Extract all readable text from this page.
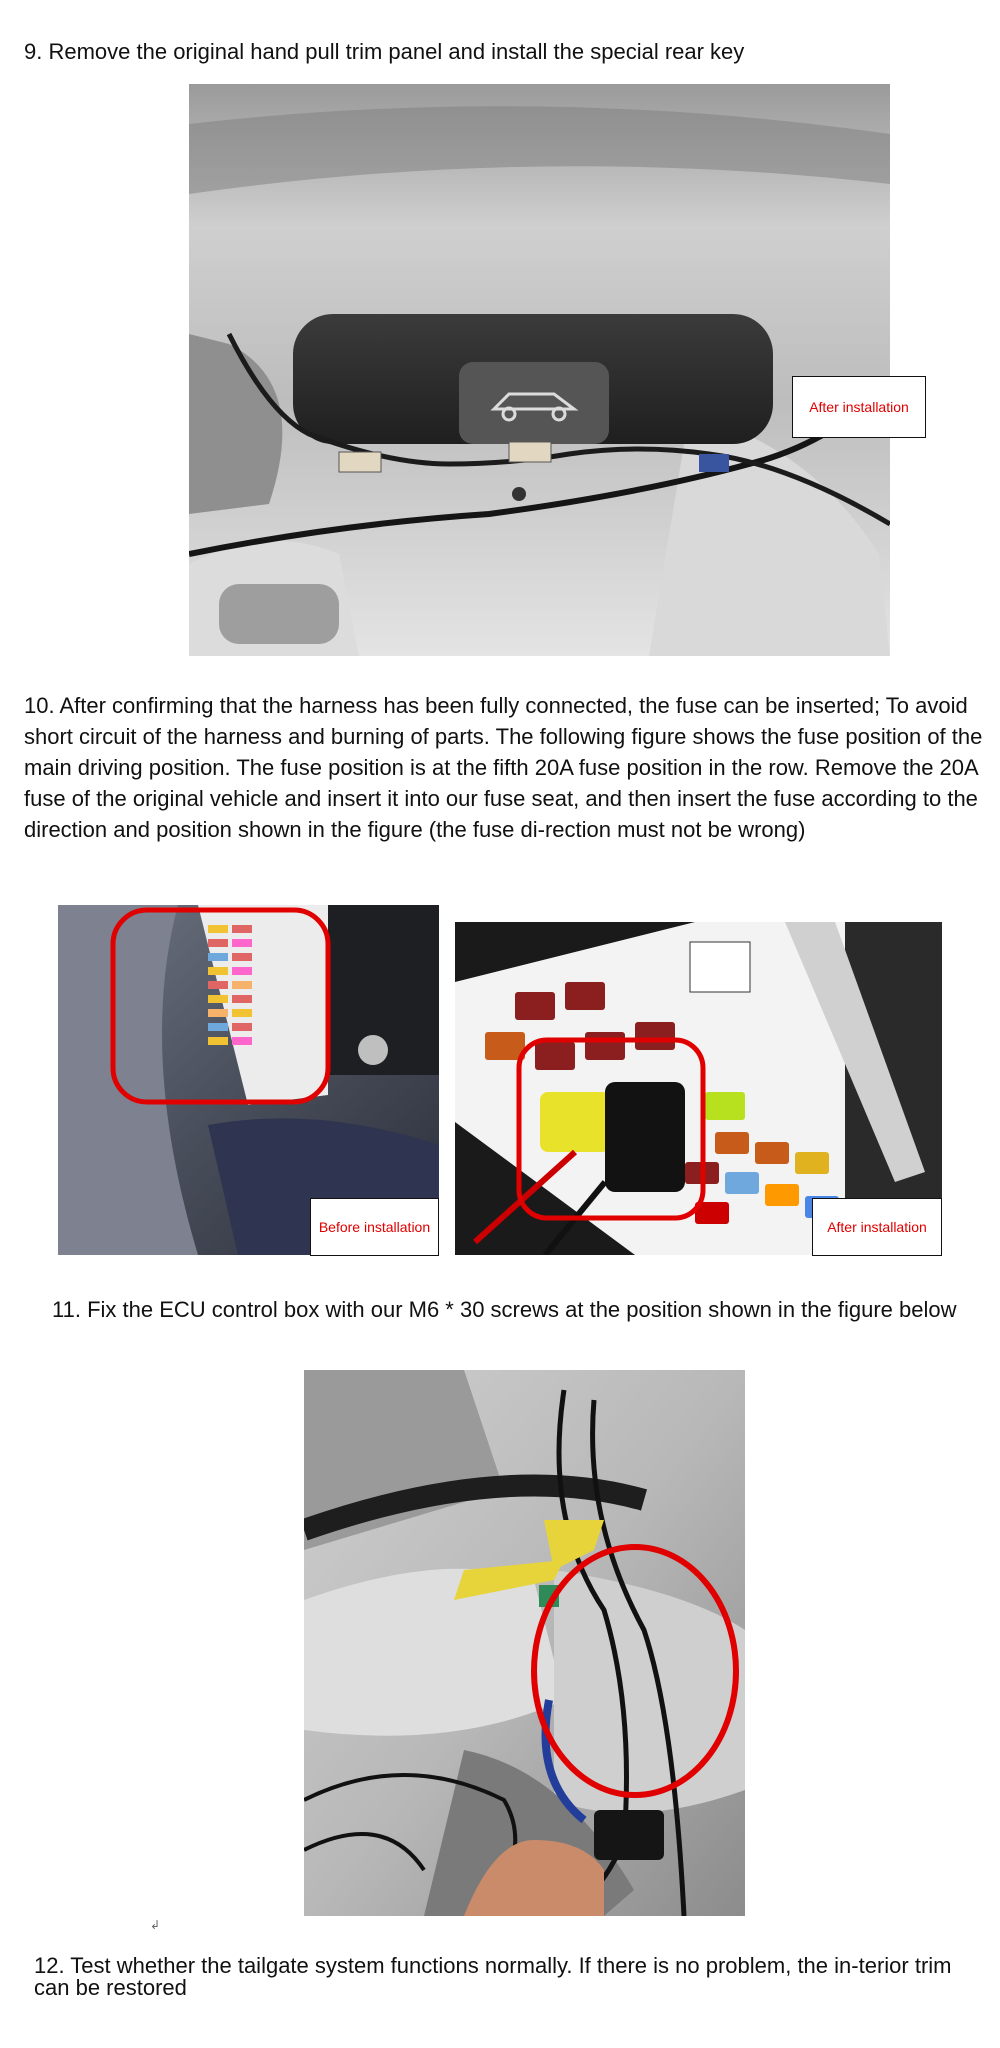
9. Remove the original hand pull trim panel and install the special rear key

After installation

10. After confirming that the harness has been fully connected, the fuse can be inserted; To avoid short circuit of the harness and burning of parts. The following figure shows the fuse position of the main driving position. The fuse position is at the fifth 20A fuse position in the row. Remove the 20A fuse of the original vehicle and insert it into our fuse seat, and then insert the fuse according to the direction and position shown in the figure (the fuse di-rection must not be wrong)

Before installation	After installation

11. Fix the ECU control box with our M6 * 30 screws at the position shown in the figure below

↲

12. Test whether the tailgate system functions normally. If there is no problem, the in-terior trim can be restored
